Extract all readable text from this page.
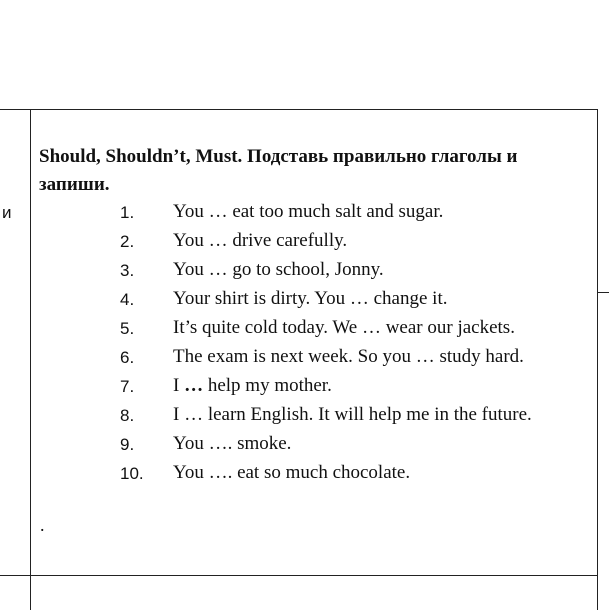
и

Should, Shouldn’t, Must. Подставь правильно глаголы и запиши.

1. You … eat too much salt and sugar.
2. You … drive carefully.
3. You … go to school, Jonny.
4. Your shirt is dirty. You … change it.
5. It’s quite cold today. We … wear our jackets.
6. The exam is next week. So you … study hard.
7. I … help my mother.
8. I … learn English. It will help me in the future.
9. You …. smoke.
10. You …. eat so much chocolate.
.
